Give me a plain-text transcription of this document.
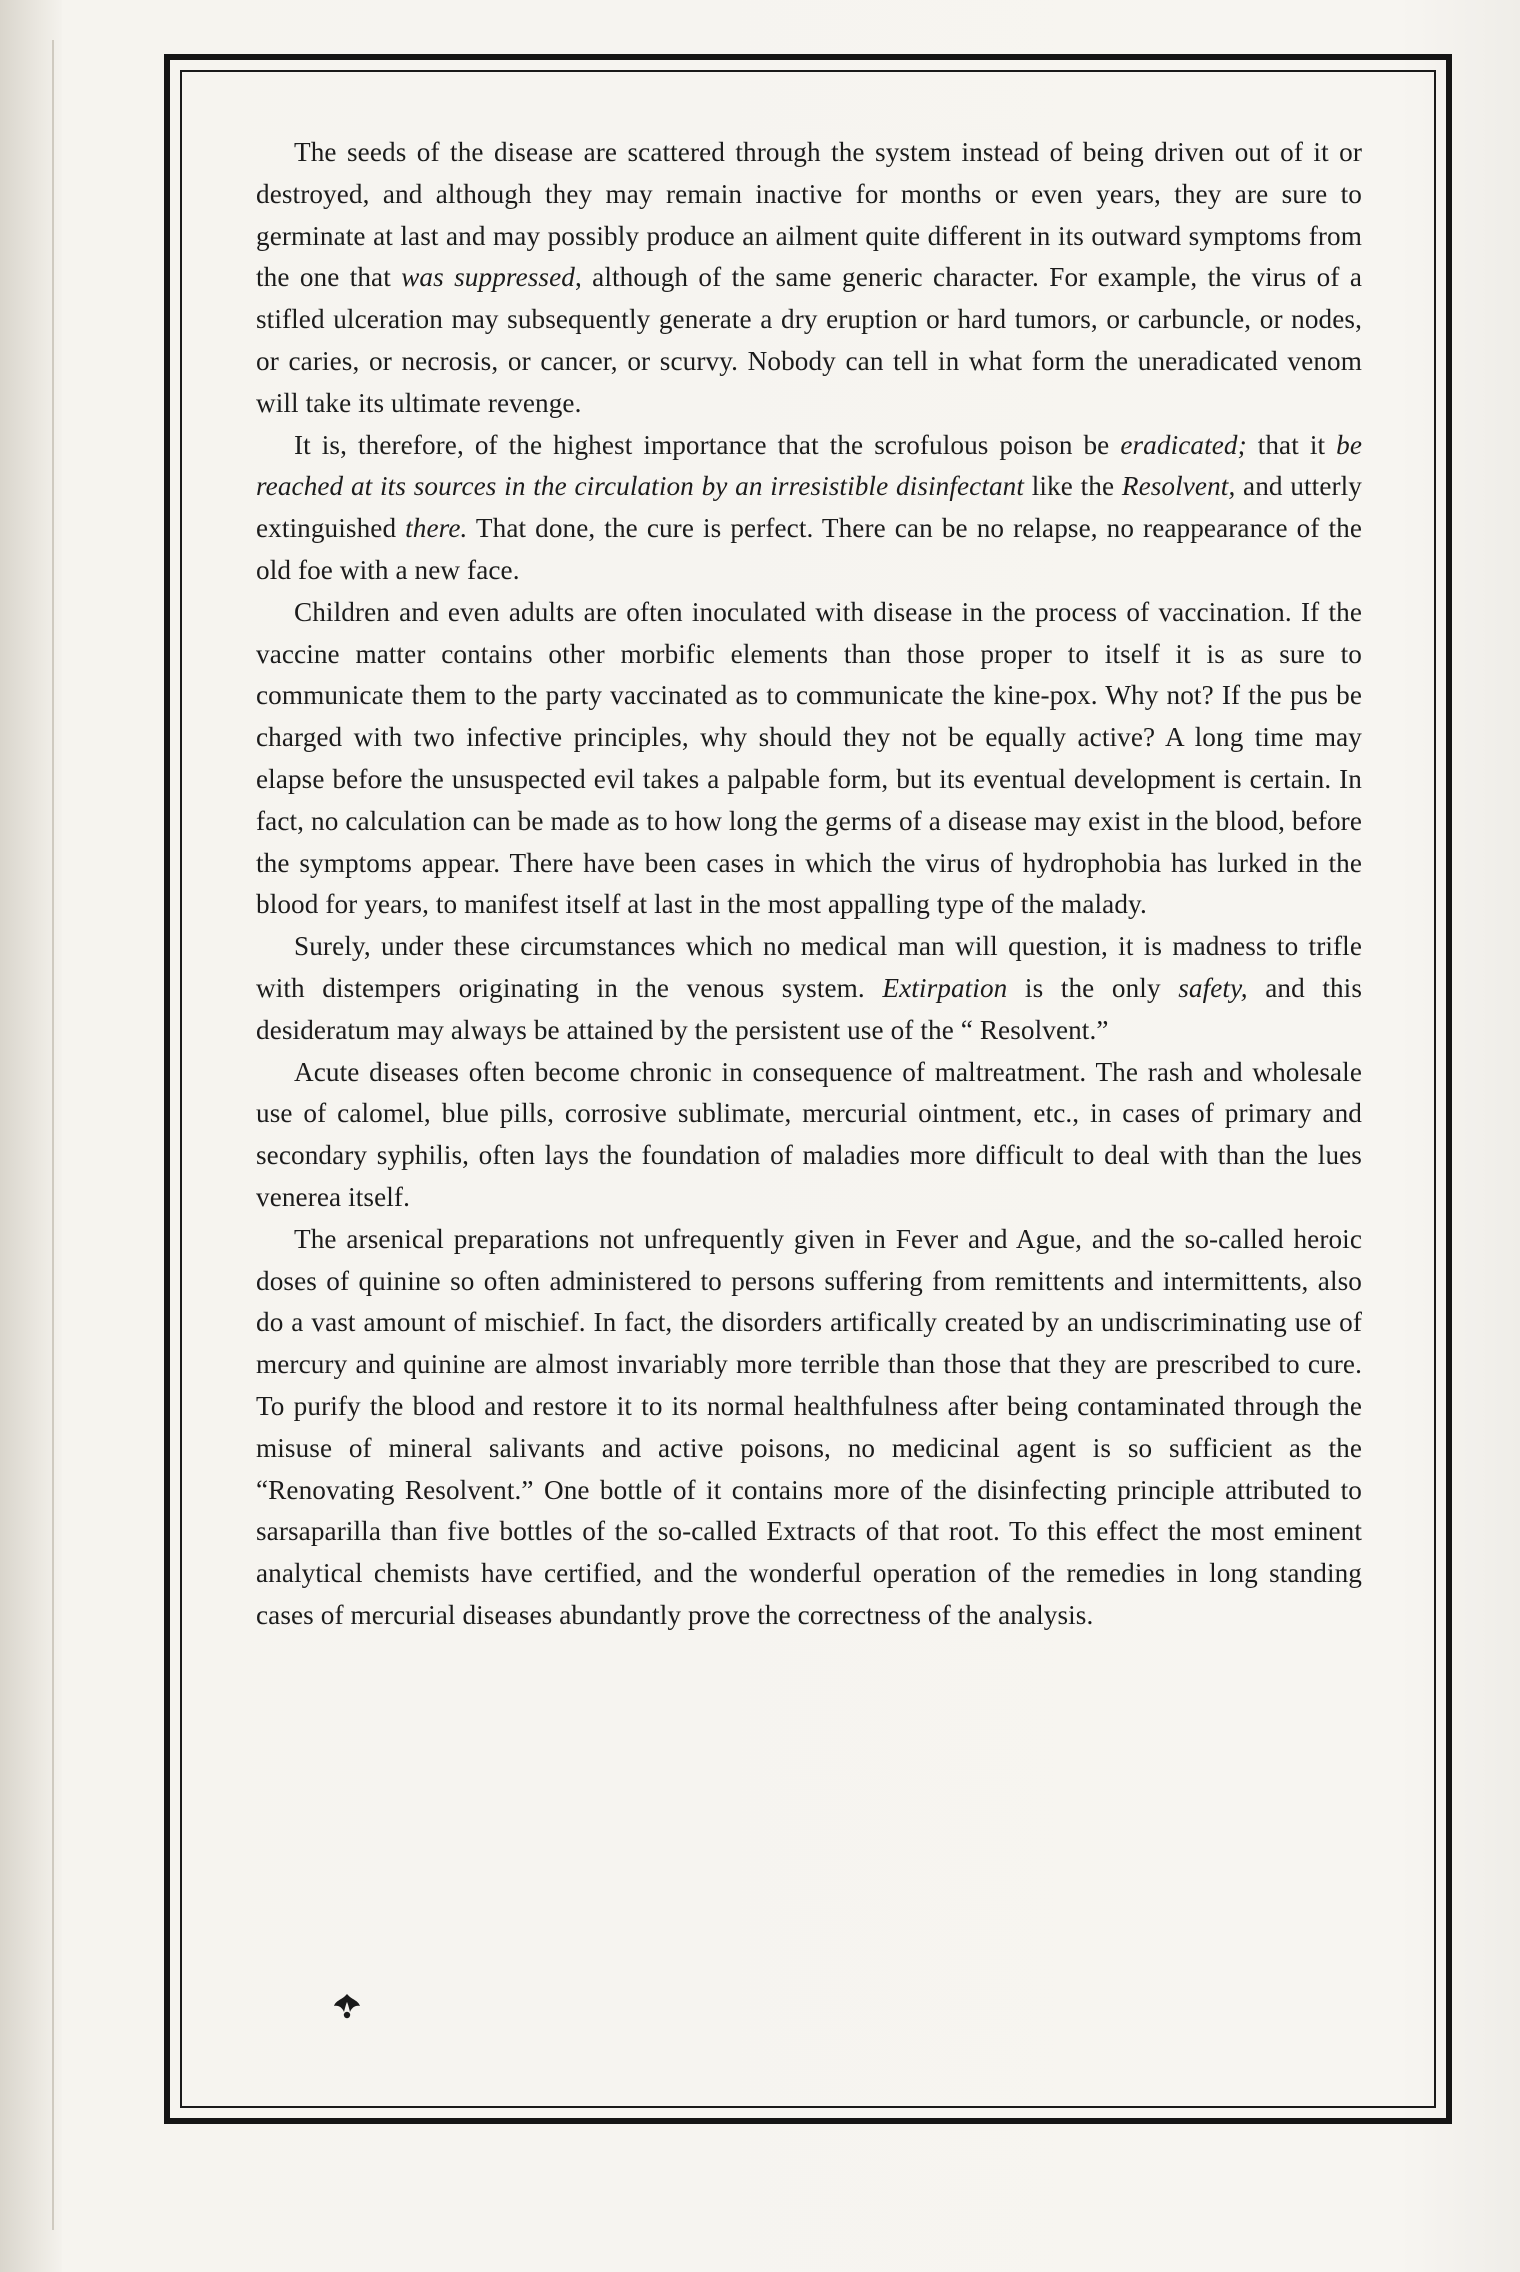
The seeds of the disease are scattered through the system instead of being driven out of it or destroyed, and although they may remain inactive for months or even years, they are sure to germinate at last and may possibly produce an ailment quite different in its outward symptoms from the one that was suppressed, although of the same generic character. For example, the virus of a stifled ulceration may subsequently generate a dry eruption or hard tumors, or carbuncle, or nodes, or caries, or necrosis, or cancer, or scurvy. Nobody can tell in what form the uneradicated venom will take its ultimate revenge.

It is, therefore, of the highest importance that the scrofulous poison be eradicated; that it be reached at its sources in the circulation by an irresistible disinfectant like the Resolvent, and utterly extinguished there. That done, the cure is perfect. There can be no relapse, no reappearance of the old foe with a new face.

Children and even adults are often inoculated with disease in the process of vaccination. If the vaccine matter contains other morbific elements than those proper to itself it is as sure to communicate them to the party vaccinated as to communicate the kine-pox. Why not? If the pus be charged with two infective principles, why should they not be equally active? A long time may elapse before the unsuspected evil takes a palpable form, but its eventual development is certain. In fact, no calculation can be made as to how long the germs of a disease may exist in the blood, before the symptoms appear. There have been cases in which the virus of hydrophobia has lurked in the blood for years, to manifest itself at last in the most appalling type of the malady.

Surely, under these circumstances which no medical man will question, it is madness to trifle with distempers originating in the venous system. Extirpation is the only safety, and this desideratum may always be attained by the persistent use of the “ Resolvent.”

Acute diseases often become chronic in consequence of maltreatment. The rash and wholesale use of calomel, blue pills, corrosive sublimate, mercurial ointment, etc., in cases of primary and secondary syphilis, often lays the foundation of maladies more difficult to deal with than the lues venerea itself.

The arsenical preparations not unfrequently given in Fever and Ague, and the so-called heroic doses of quinine so often administered to persons suffering from remittents and intermittents, also do a vast amount of mischief. In fact, the disorders artifically created by an undiscriminating use of mercury and quinine are almost invariably more terrible than those that they are prescribed to cure. To purify the blood and restore it to its normal healthfulness after being contaminated through the misuse of mineral salivants and active poisons, no medicinal agent is so sufficient as the “Renovating Resolvent.” One bottle of it contains more of the disinfecting principle attributed to sarsaparilla than five bottles of the so-called Extracts of that root. To this effect the most eminent analytical chemists have certified, and the wonderful operation of the remedies in long standing cases of mercurial diseases abundantly prove the correctness of the analysis.
